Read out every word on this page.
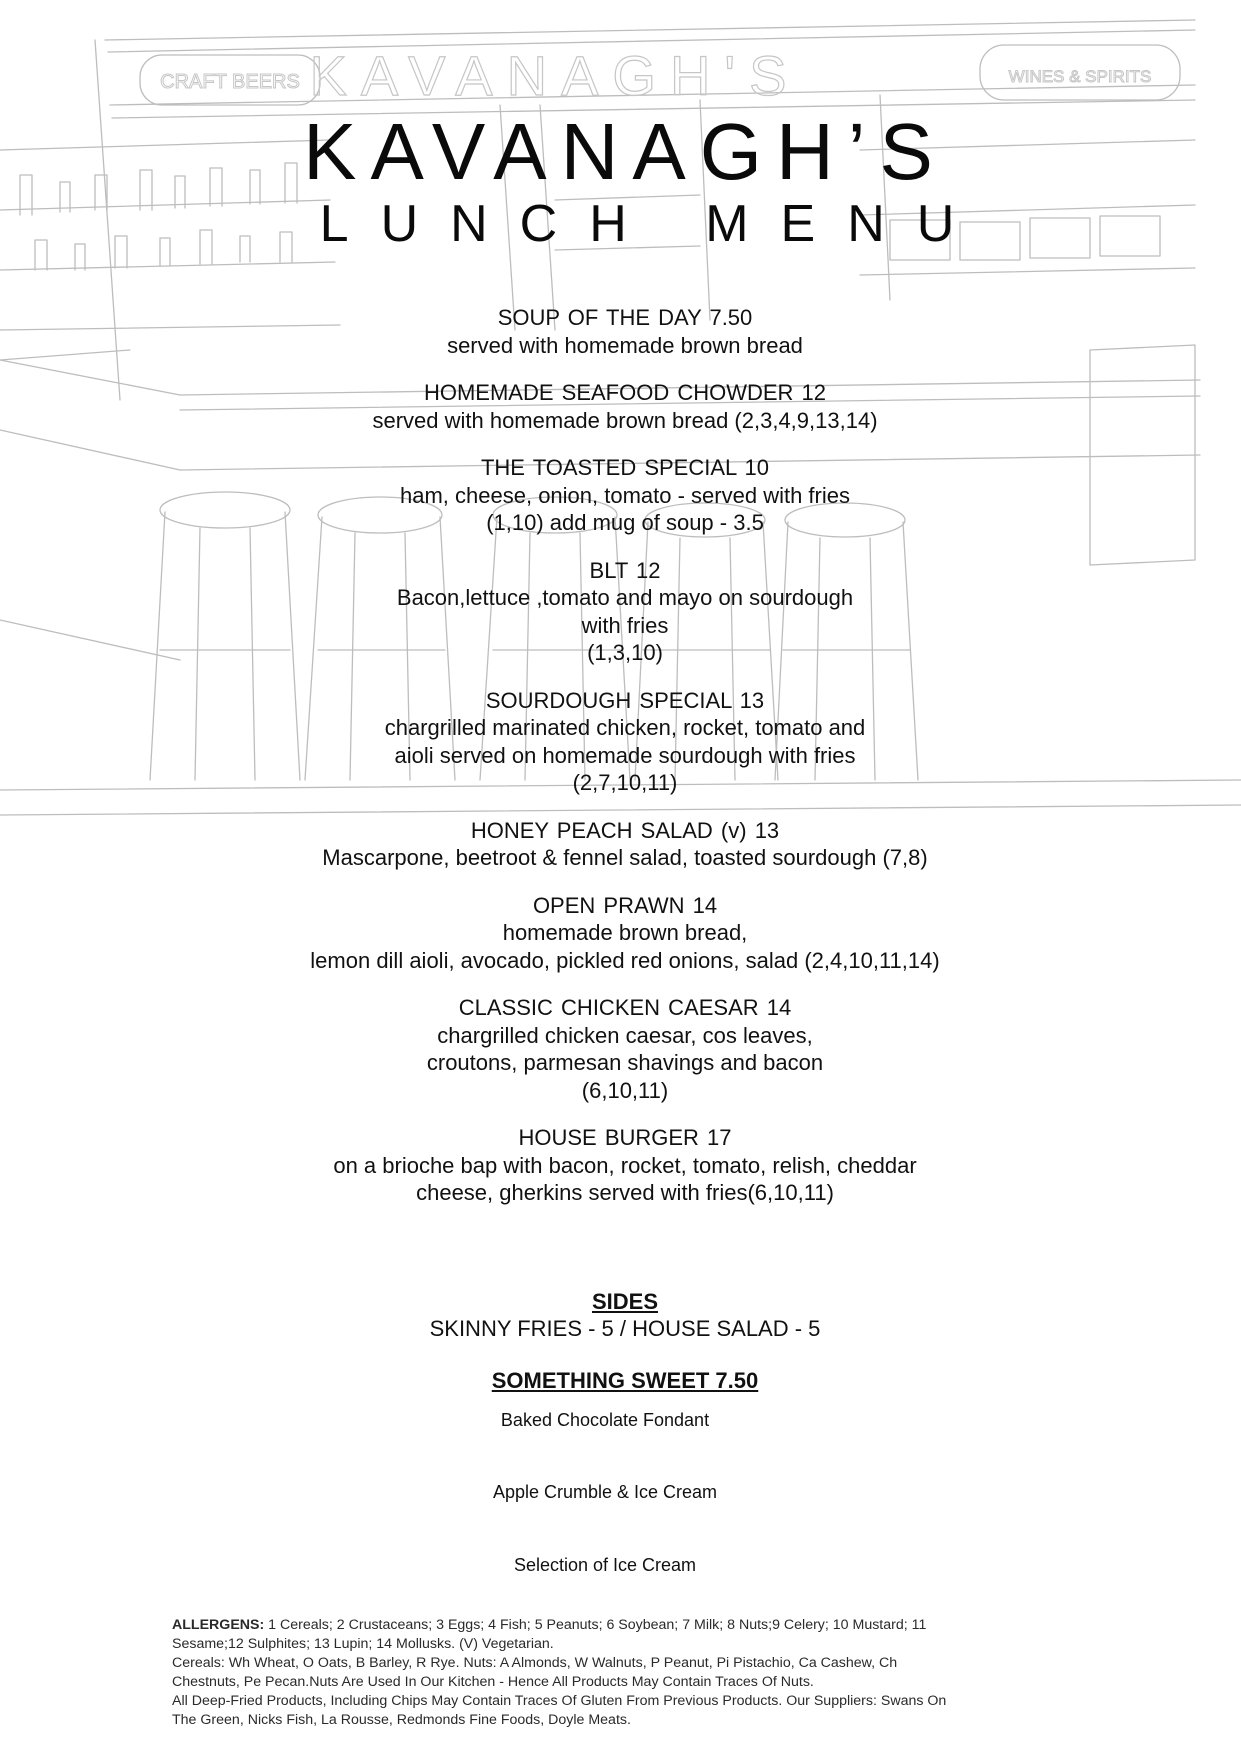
KAVANAGH'S
CRAFT BEERS	WINES & SPIRITS
KAVANAGH’S
LUNCH MENU
SOUP OF THE DAY 7.50
served with homemade brown bread
HOMEMADE SEAFOOD CHOWDER 12
served with homemade brown bread (2,3,4,9,13,14)
THE TOASTED SPECIAL 10
ham, cheese, onion, tomato - served with fries
(1,10) add mug of soup - 3.5
BLT 12
Bacon,lettuce ,tomato and mayo on sourdough
with fries
(1,3,10)
SOURDOUGH SPECIAL 13
chargrilled marinated chicken, rocket, tomato and
aioli served on homemade sourdough with fries
(2,7,10,11)
HONEY PEACH SALAD (v) 13
Mascarpone, beetroot & fennel salad, toasted sourdough (7,8)
OPEN PRAWN 14
homemade brown bread,
lemon dill aioli, avocado, pickled red onions, salad (2,4,10,11,14)
CLASSIC CHICKEN CAESAR 14
chargrilled chicken caesar, cos leaves,
croutons, parmesan shavings and bacon
(6,10,11)
HOUSE BURGER 17
on a brioche bap with bacon, rocket, tomato, relish, cheddar
cheese, gherkins served with fries(6,10,11)
SIDES
SKINNY FRIES - 5 / HOUSE SALAD - 5
SOMETHING SWEET 7.50
Baked Chocolate Fondant
Apple Crumble & Ice Cream
Selection of Ice Cream
ALLERGENS: 1 Cereals; 2 Crustaceans; 3 Eggs; 4 Fish; 5 Peanuts; 6 Soybean; 7 Milk; 8 Nuts;9 Celery; 10 Mustard; 11
Sesame;12 Sulphites; 13 Lupin; 14 Mollusks. (V) Vegetarian.
Cereals: Wh Wheat, O Oats, B Barley, R Rye. Nuts: A Almonds, W Walnuts, P Peanut, Pi Pistachio, Ca Cashew, Ch
Chestnuts, Pe Pecan.Nuts Are Used In Our Kitchen - Hence All Products May Contain Traces Of Nuts.
All Deep-Fried Products, Including Chips May Contain Traces Of Gluten From Previous Products. Our Suppliers: Swans On
The Green, Nicks Fish, La Rousse, Redmonds Fine Foods, Doyle Meats.
